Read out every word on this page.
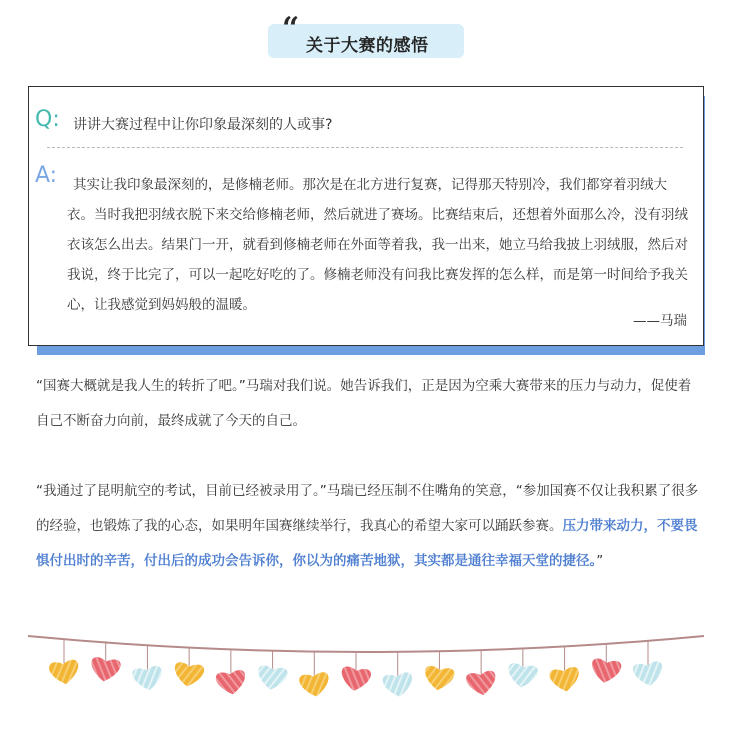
“ 关于大赛的感悟
Q: 讲讲大赛过程中让你印象最深刻的人或事?
A:	其实让我印象最深刻的，是修楠老师。那次是在北方进行复赛，记得那天特别冷，我们都穿着羽绒大衣。当时我把羽绒衣脱下来交给修楠老师，然后就进了赛场。比赛结束后，还想着外面那么冷，没有羽绒衣该怎么出去。结果门一开，就看到修楠老师在外面等着我，我一出来，她立马给我披上羽绒服，然后对我说，终于比完了，可以一起吃好吃的了。修楠老师没有问我比赛发挥的怎么样，而是第一时间给予我关心，让我感觉到妈妈般的温暖。
——马瑞
“国赛大概就是我人生的转折了吧。”马瑞对我们说。她告诉我们，正是因为空乘大赛带来的压力与动力，促使着自己不断奋力向前，最终成就了今天的自己。
“我通过了昆明航空的考试，目前已经被录用了。”马瑞已经压制不住嘴角的笑意，“参加国赛不仅让我积累了很多的经验，也锻炼了我的心态，如果明年国赛继续举行，我真心的希望大家可以踊跃参赛。压力带来动力，不要畏惧付出时的辛苦，付出后的成功会告诉你，你以为的痛苦地狱，其实都是通往幸福天堂的捷径。”
